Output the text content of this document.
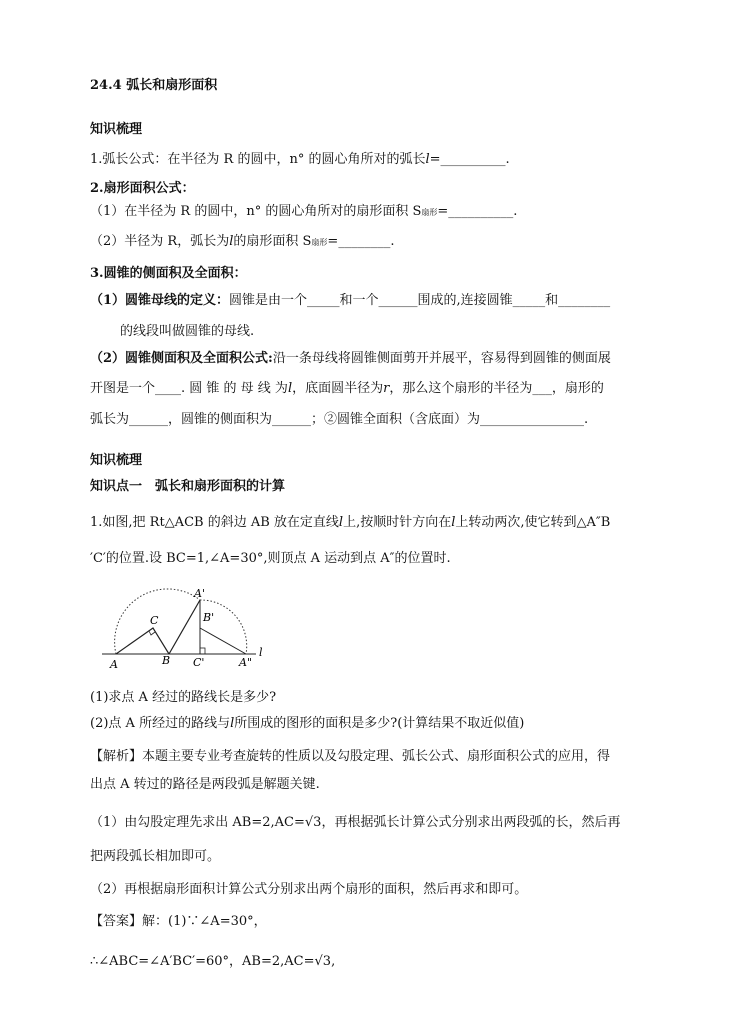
24.4 弧长和扇形面积
知识梳理
1.弧长公式：在半径为 R 的圆中，n° 的圆心角所对的弧长l=__________.
2.扇形面积公式：
（1）在半径为 R 的圆中，n° 的圆心角所对的扇形面积 S扇形=__________.
（2）半径为 R，弧长为l的扇形面积 S扇形=________.
3.圆锥的侧面积及全面积：
（1）圆锥母线的定义：圆锥是由一个_____和一个______围成的,连接圆锥_____和________
的线段叫做圆锥的母线.
（2）圆锥侧面积及全面积公式:沿一条母线将圆锥侧面剪开并展平，容易得到圆锥的侧面展
开图是一个____. 圆 锥 的 母 线 为l，底面圆半径为r，那么这个扇形的半径为___，扇形的
弧长为______，圆锥的侧面积为______；②圆锥全面积（含底面）为________________.
知识梳理
知识点一　弧长和扇形面积的计算
1.如图,把 Rt△ACB 的斜边 AB 放在定直线l上,按顺时针方向在l上转动两次,使它转到△A″B
′C′的位置.设 BC=1,∠A=30°,则顶点 A 运动到点 A″的位置时.
A	B
C
C'
B'
A'
A"
l
(1)求点 A 经过的路线长是多少?
(2)点 A 所经过的路线与l所围成的图形的面积是多少?(计算结果不取近似值)
【解析】本题主要专业考查旋转的性质以及勾股定理、弧长公式、扇形面积公式的应用，得
出点 A 转过的路径是两段弧是解题关键.
（1）由勾股定理先求出 AB=2,AC=√3，再根据弧长计算公式分别求出两段弧的长，然后再
把两段弧长相加即可。
（2）再根据扇形面积计算公式分别求出两个扇形的面积，然后再求和即可。
【答案】解：(1)∵∠A=30°，
∴∠ABC=∠A′BC′=60°，AB=2,AC=√3,
